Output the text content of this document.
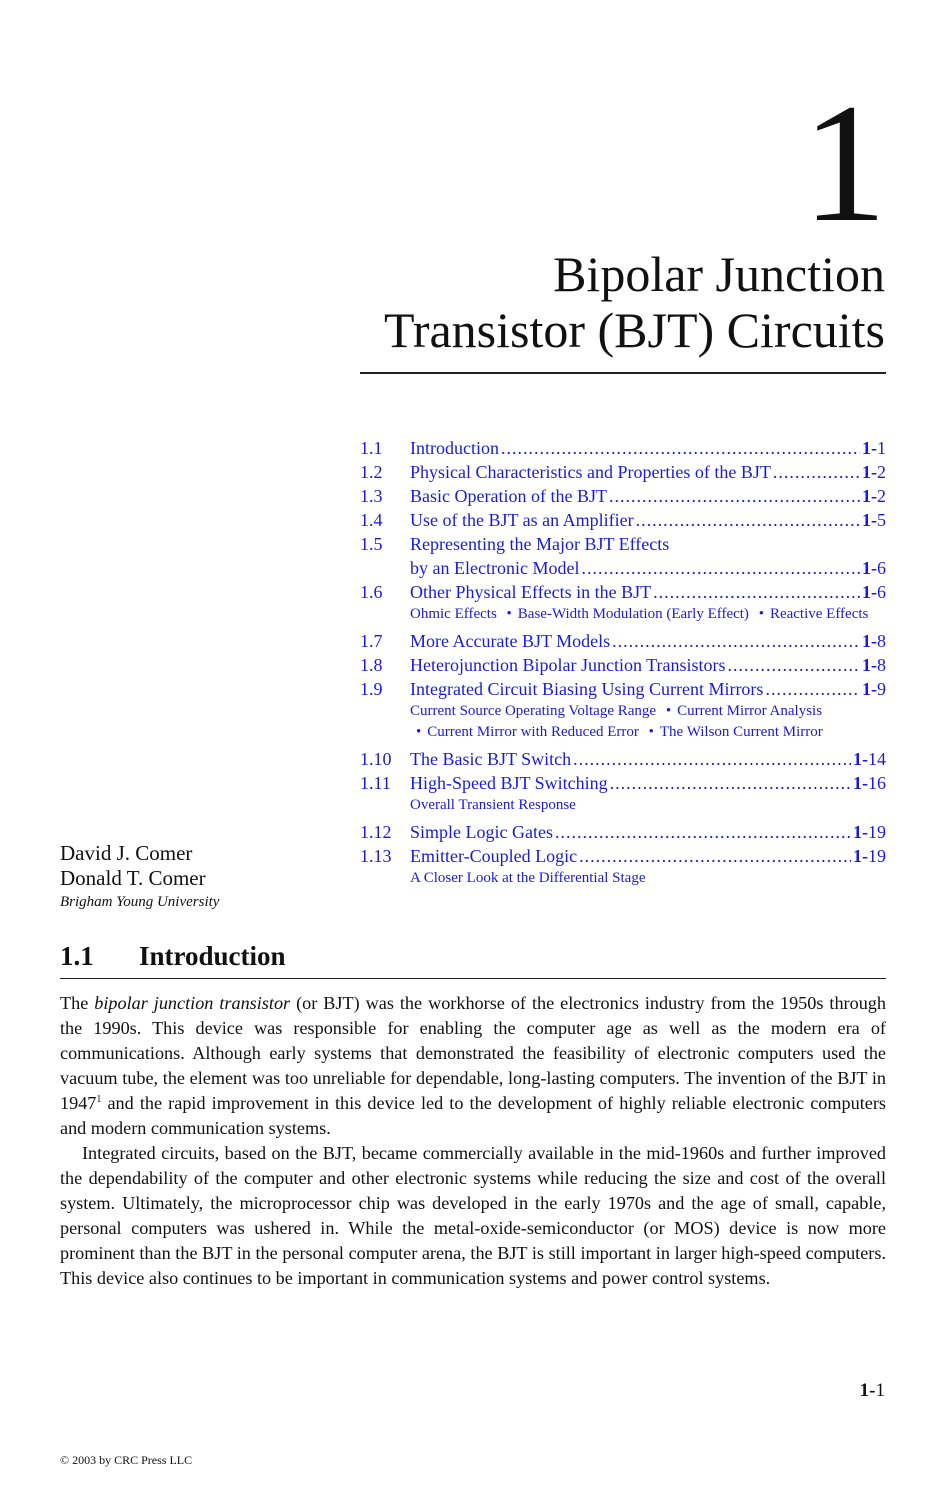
1
Bipolar Junction
Transistor (BJT) Circuits
1.1	Introduction .....	1-1
1.2	Physical Characteristics and Properties of the BJT .....	1-2
1.3	Basic Operation of the BJT .....	1-2
1.4	Use of the BJT as an Amplifier .....	1-5
1.5	Representing the Major BJT Effects
by an Electronic Model .....	1-6
1.6	Other Physical Effects in the BJT .....	1-6
Ohmic Effects • Base-Width Modulation (Early Effect) • Reactive Effects
1.7	More Accurate BJT Models .....	1-8
1.8	Heterojunction Bipolar Junction Transistors .....	1-8
1.9	Integrated Circuit Biasing Using Current Mirrors .....	1-9
Current Source Operating Voltage Range • Current Mirror Analysis • Current Mirror with Reduced Error • The Wilson Current Mirror
1.10	The Basic BJT Switch .....	1-14
1.11	High-Speed BJT Switching .....	1-16
Overall Transient Response
1.12	Simple Logic Gates .....	1-19
1.13	Emitter-Coupled Logic .....	1-19
A Closer Look at the Differential Stage
David J. Comer
Donald T. Comer
Brigham Young University
1.1 Introduction

The bipolar junction transistor (or BJT) was the workhorse of the electronics industry from the 1950s through the 1990s. This device was responsible for enabling the computer age as well as the modern era of communications. Although early systems that demonstrated the feasibility of electronic computers used the vacuum tube, the element was too unreliable for dependable, long-lasting computers. The invention of the BJT in 1947$^1$ and the rapid improvement in this device led to the development of highly reliable electronic computers and modern communication systems.

Integrated circuits, based on the BJT, became commercially available in the mid-1960s and further improved the dependability of the computer and other electronic systems while reducing the size and cost of the overall system. Ultimately, the microprocessor chip was developed in the early 1970s and the age of small, capable, personal computers was ushered in. While the metal-oxide-semiconductor (or MOS) device is now more prominent than the BJT in the personal computer arena, the BJT is still important in larger high-speed computers. This device also continues to be important in communication systems and power control systems.

1-1
© 2003 by CRC Press LLC
